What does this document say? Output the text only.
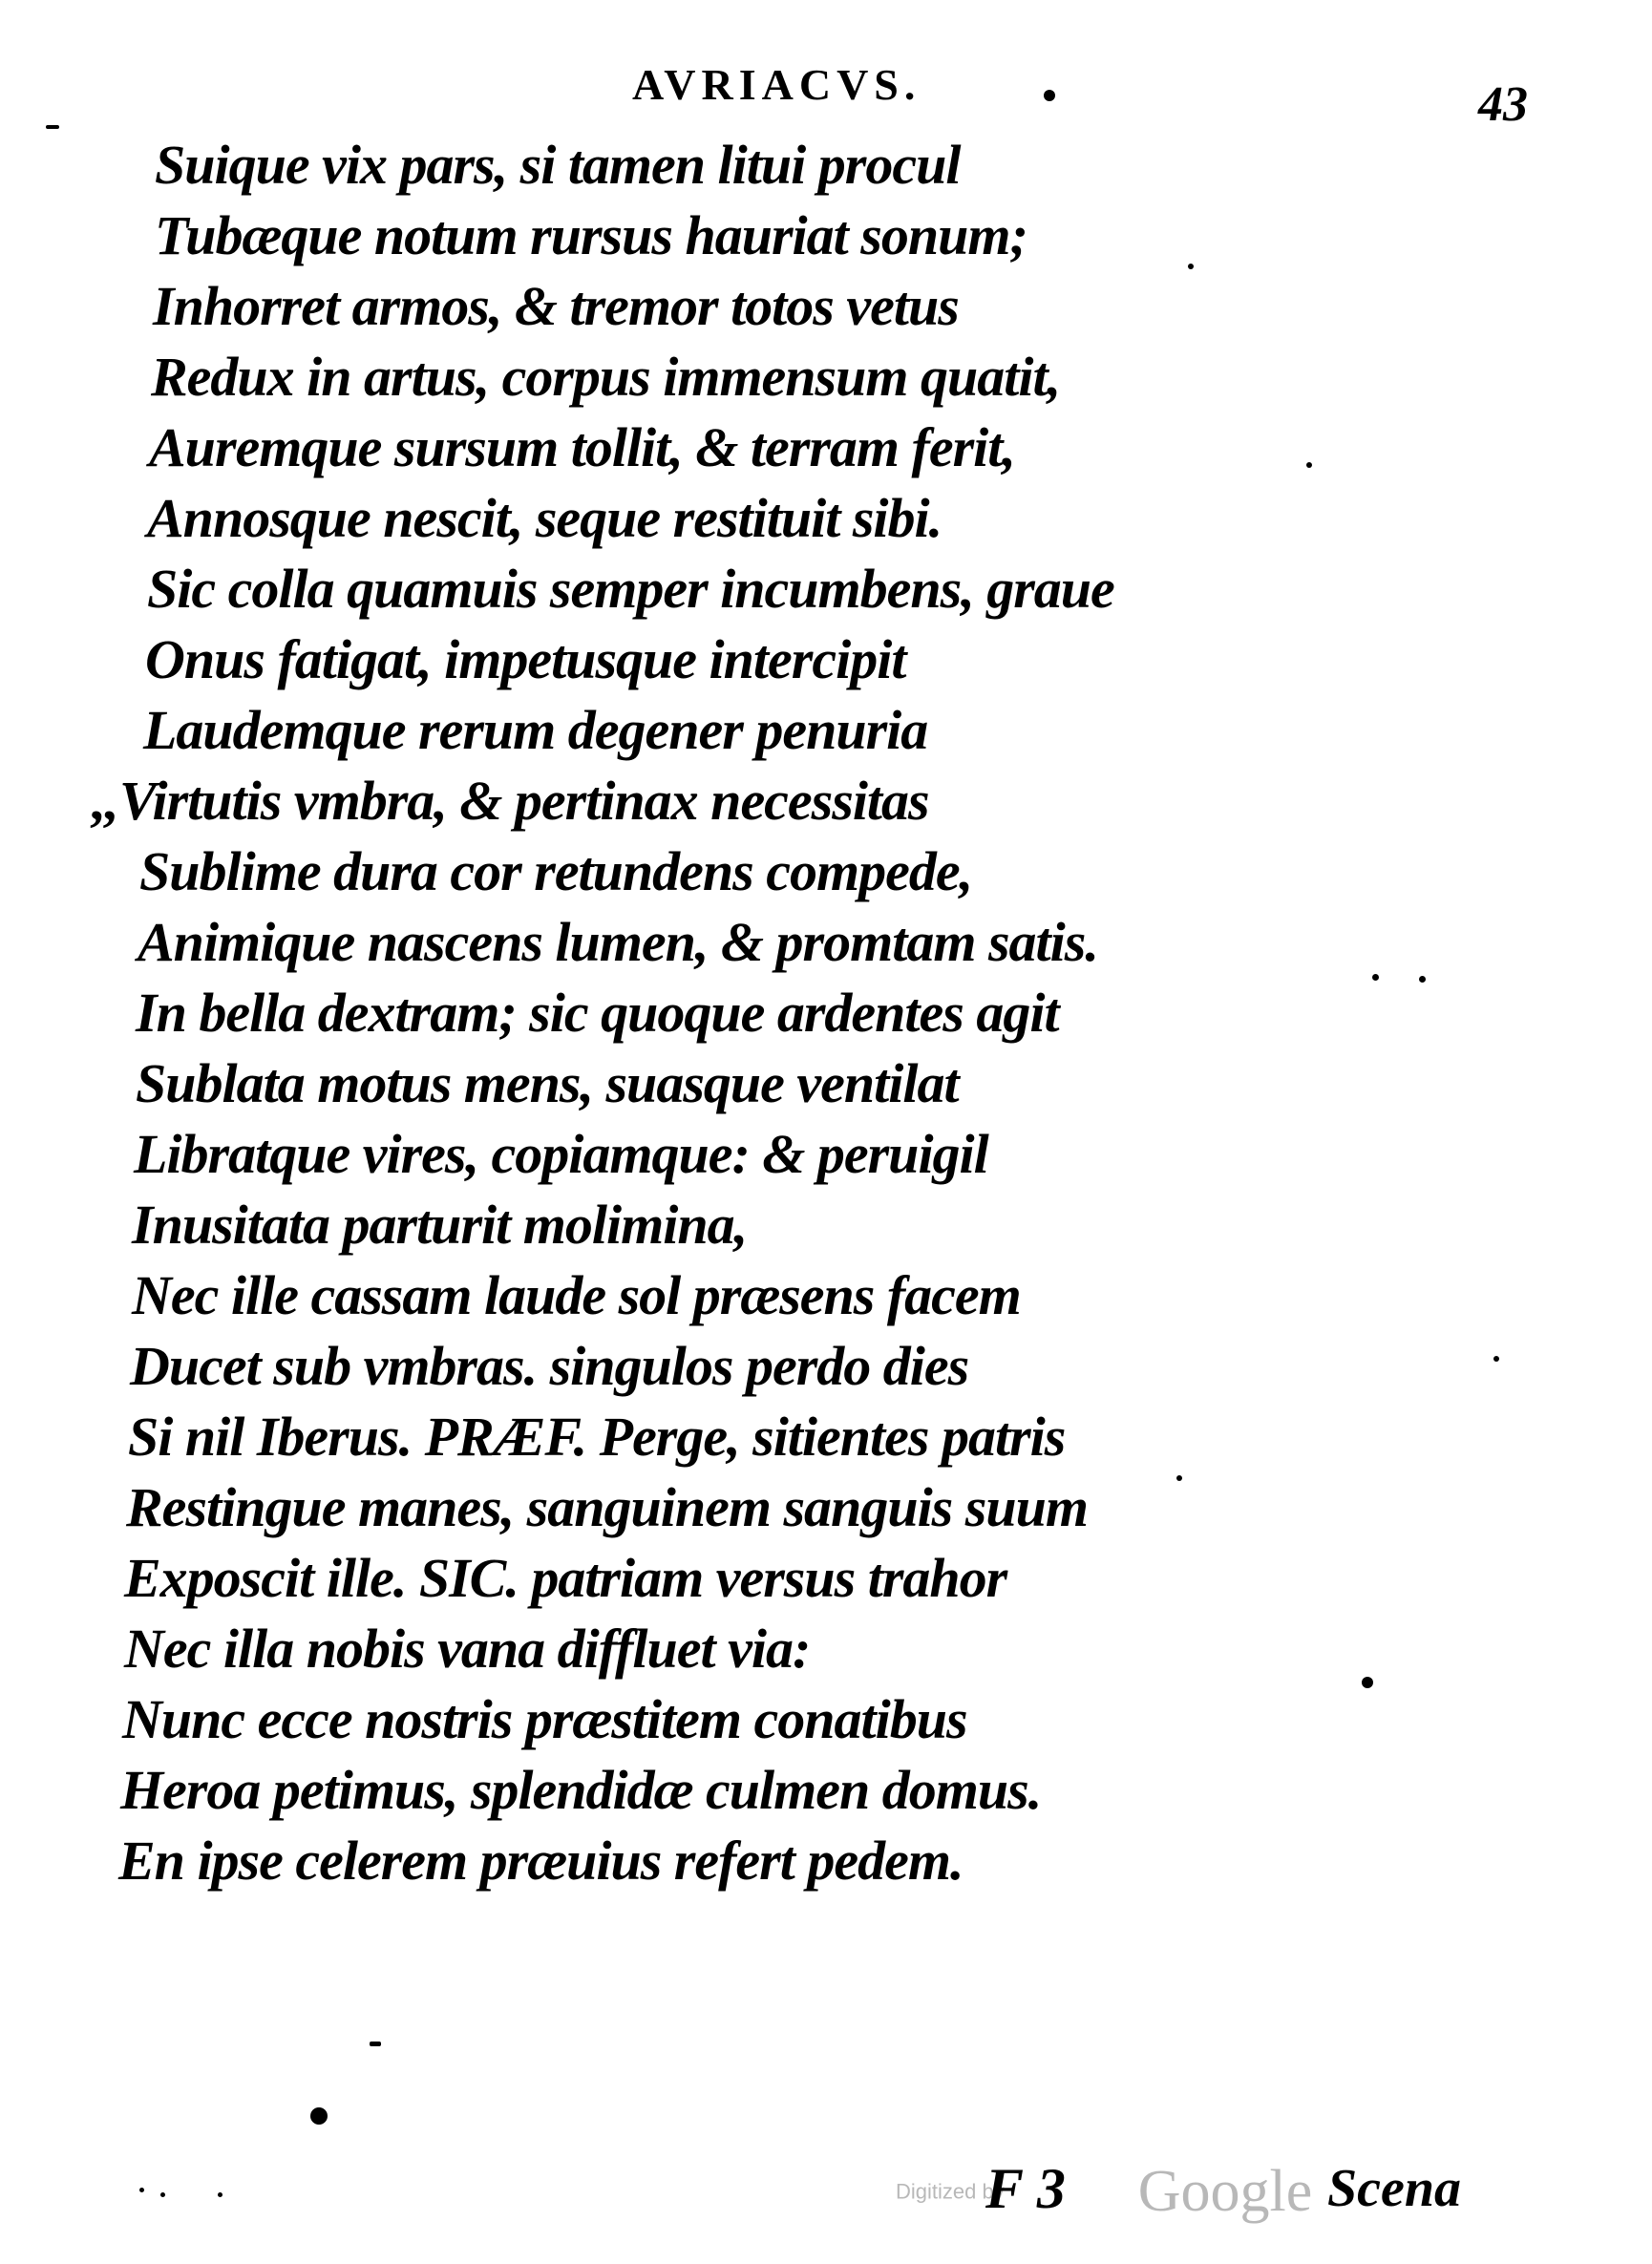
AVRIACVS.	43
Suique vix pars, si tamen litui procul
Tubæque notum rursus hauriat sonum;
Inhorret armos, & tremor totos vetus
Redux in artus, corpus immensum quatit,
Auremque sursum tollit, & terram ferit,
Annosque nescit, seque restituit sibi.
Sic colla quamuis semper incumbens, graue
Onus fatigat, impetusque intercipit
Laudemque rerum degener penuria
,,Virtutis vmbra, & pertinax necessitas
Sublime dura cor retundens compede,
Animique nascens lumen, & promtam satis.
In bella dextram; sic quoque ardentes agit
Sublata motus mens, suasque ventilat
Libratque vires, copiamque: & peruigil
Inusitata parturit molimina,
Nec ille cassam laude sol præsens facem
Ducet sub vmbras. singulos perdo dies
Si nil Iberus. PRÆF. Perge, sitientes patris
Restingue manes, sanguinem sanguis suum
Exposcit ille. SIC. patriam versus trahor
Nec illa nobis vana diffluet via:
Nunc ecce nostris præstitem conatibus
Heroa petimus, splendidæ culmen domus.
En ipse celerem præuius refert pedem.
Digitized by Google
F 3	Scena
